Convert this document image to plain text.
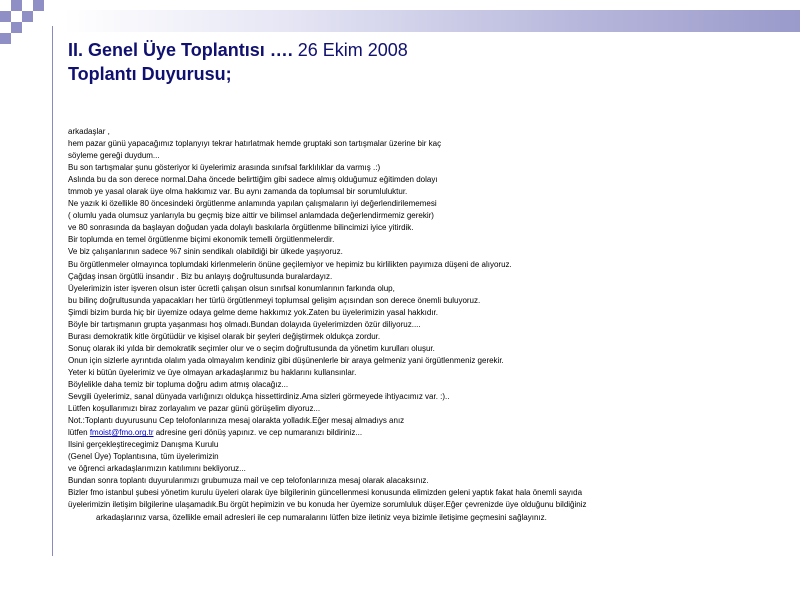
II. Genel Üye Toplantısı …. 26 Ekim 2008
Toplantı Duyurusu;
arkadaşlar ,
hem pazar günü yapacağımız toplanyıyı tekrar hatırlatmak hemde gruptaki son tartışmalar üzerine bir kaç
söyleme gereği duydum...
Bu son tartışmalar şunu gösteriyor ki üyelerimiz arasında sınıfsal farklılıklar da varmış .:)
Aslında bu da son derece normal.Daha öncede belirttiğim gibi sadece almış olduğumuz eğitimden dolayı
tmmob ye yasal olarak üye olma hakkımız var. Bu aynı zamanda da toplumsal bir sorumluluktur.
Ne yazık ki özellikle 80 öncesindeki örgütlenme anlamında yapılan çalışmaların iyi değerlendirilememesi
( olumlu yada olumsuz yanlarıyla bu geçmiş bize aittir ve bilimsel anlamdada değerlendirmemiz gerekir)
ve 80 sonrasında da başlayan doğudan yada dolaylı baskılarla örgütlenme bilincimizi iyice yitirdik.
Bir toplumda en temel örgütlenme biçimi ekonomik temelli örgütlenmelerdir.
Ve biz çalışanlarının sadece %7 sinin sendikalı olabildiği bir ülkede yaşıyoruz.
Bu örgütlenmeler olmayınca toplumdaki kirlenmelerin önüne geçilemiyor ve hepimiz bu kirlilikten payımıza düşeni de alıyoruz.
Çağdaş insan örgütlü insandır . Biz bu anlayış doğrultusunda buralardayız.
Üyelerimizin ister işveren olsun ister ücretli çalışan olsun sınıfsal konumlarının farkında olup,
bu bilinç doğrultusunda yapacakları her türlü örgütlenmeyi toplumsal gelişim açısından son derece önemli buluyoruz.
Şimdi bizim burda hiç bir üyemize odaya gelme deme hakkımız yok.Zaten bu üyelerimizin yasal hakkıdır.
Böyle bir tartışmanın grupta yaşanması hoş olmadı.Bundan dolayıda üyelerimizden özür diliyoruz....
Burası demokratik kitle örgütüdür ve kişisel olarak bir şeyleri değiştirmek oldukça zordur.
Sonuç olarak iki yılda bir demokratik seçimler olur ve o seçim doğrultusunda da yönetim kurulları oluşur.
Onun için sizlerle ayrıntıda olalım yada olmayalım kendiniz gibi düşünenlerle bir araya gelmeniz yani örgütlenmeniz gerekir.
Yeter ki bütün üyelerimiz ve üye olmayan arkadaşlarımız bu haklarını kullansınlar.
Böylelikle daha temiz bir topluma doğru adım atmış olacağız...
Sevgili üyelerimiz, sanal dünyada varlığınızı oldukça hissettirdiniz.Ama sizleri görmeyede ihtiyacımız var. :)..
Lütfen koşullarımızı biraz zorlayalım ve pazar günü görüşelim diyoruz...
Not.:Toplantı duyurusunu Cep telofonlarınıza mesaj olarakta yolladık.Eğer mesaj almadıys anız
lütfen fmoist@fmo.org.tr adresine geri dönüş yapınız. ve cep numaranızı bildiriniz...
Ilsini gerçekleştirecegimiz Danışma Kurulu
(Genel Üye) Toplantısına, tüm üyelerimizin
ve öğrenci arkadaşlarımızın katılımını bekliyoruz...
Bundan sonra toplantı duyurularımızı grubumuza mail ve cep telofonlarınıza mesaj olarak alacaksınız.
Bizler fmo istanbul şubesi yönetim kurulu üyeleri olarak üye bilgilerinin güncellenmesi konusunda elimizden geleni yaptık fakat hala önemli sayıda
üyelerimizin iletişim bilgilerine ulaşamadık.Bu örgüt hepimizin ve bu konuda her üyemize sorumluluk düşer.Eğer çevrenizde üye olduğunu bildiğiniz
arkadaşlarınız varsa, özellikle email adresleri ile cep numaralarını lütfen bize iletiniz veya bizimle iletişime geçmesini sağlayınız.
